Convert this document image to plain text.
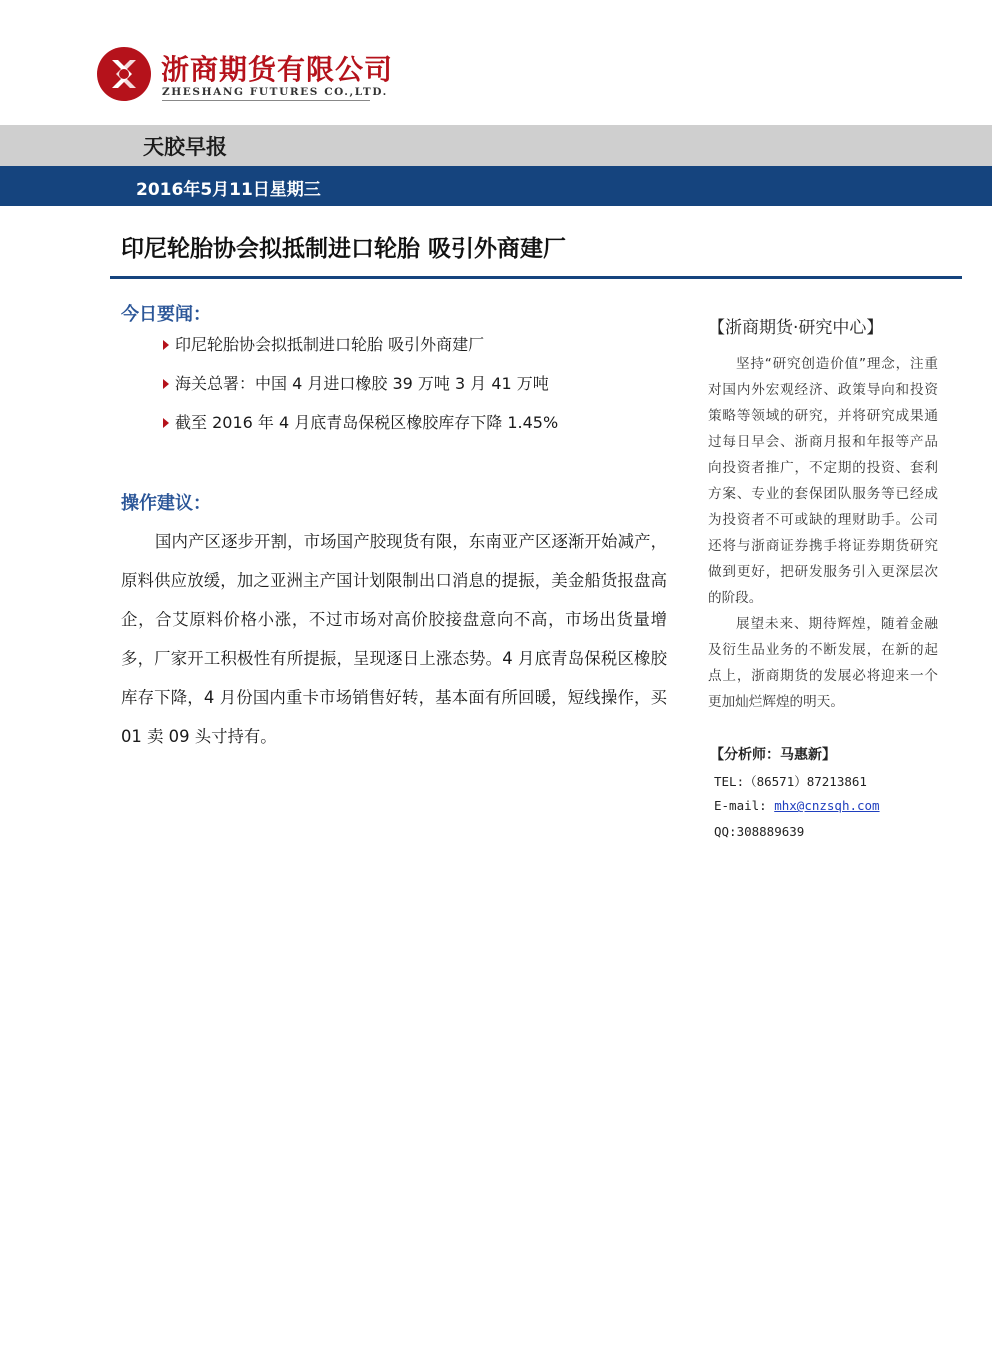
浙商期货有限公司
ZHESHANG FUTURES CO.,LTD.
天胶早报
2016年5月11日星期三
印尼轮胎协会拟抵制进口轮胎 吸引外商建厂
今日要闻：
印尼轮胎协会拟抵制进口轮胎 吸引外商建厂
海关总署：中国 4 月进口橡胶 39 万吨 3 月 41 万吨
截至 2016 年 4 月底青岛保税区橡胶库存下降 1.45%
操作建议：

国内产区逐步开割，市场国产胶现货有限，东南亚产区逐渐开始减产，原料供应放缓，加之亚洲主产国计划限制出口消息的提振，美金船货报盘高企，合艾原料价格小涨，不过市场对高价胶接盘意向不高，市场出货量增多，厂家开工积极性有所提振，呈现逐日上涨态势。4 月底青岛保税区橡胶库存下降，4 月份国内重卡市场销售好转，基本面有所回暖，短线操作，买 01 卖 09 头寸持有。

【浙商期货·研究中心】

坚持“研究创造价值”理念，注重对国内外宏观经济、政策导向和投资策略等领域的研究，并将研究成果通过每日早会、浙商月报和年报等产品向投资者推广，不定期的投资、套利方案、专业的套保团队服务等已经成为投资者不可或缺的理财助手。公司还将与浙商证券携手将证券期货研究做到更好，把研发服务引入更深层次的阶段。

展望未来、期待辉煌，随着金融及衍生品业务的不断发展，在新的起点上，浙商期货的发展必将迎来一个更加灿烂辉煌的明天。

【分析师：马惠新】
TEL:（86571）87213861
E-mail: mhx@cnzsqh.com
QQ:308889639
